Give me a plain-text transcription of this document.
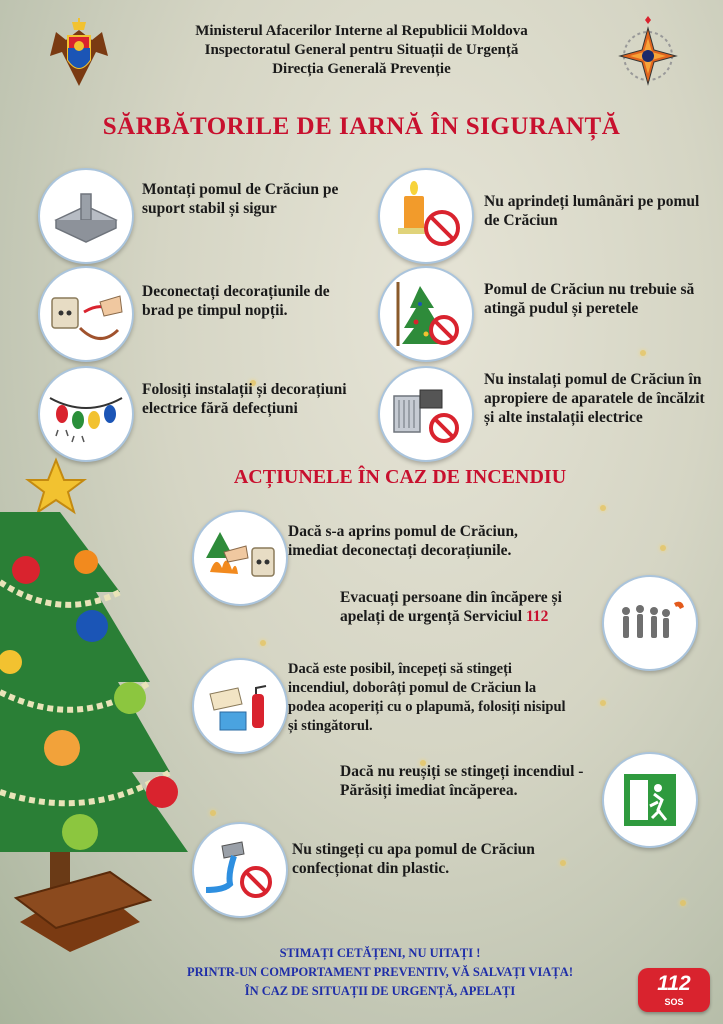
Ministerul Afacerilor Interne al Republicii Moldova
Inspectoratul General pentru Situații de Urgență
Direcția Generală Prevenție
SĂRBĂTORILE DE IARNĂ ÎN SIGURANȚĂ
Montați pomul de Crăciun pe suport stabil și sigur
Deconectați decorațiunile de brad pe timpul nopții.
Folosiți instalații și decorațiuni electrice fără defecțiuni
Nu aprindeți lumânări pe pomul de Crăciun
Pomul de Crăciun nu trebuie să atingă pudul și peretele
Nu instalați pomul de Crăciun în apropiere de aparatele de încălzit și alte instalații electrice
ACȚIUNELE ÎN CAZ DE INCENDIU
Dacă s-a aprins pomul de Crăciun, imediat deconectați decorațiunile.
Evacuați persoane din încăpere și apelați de urgență Serviciul 112
Dacă este posibil, începeți să stingeți incendiul, doborâți pomul de Crăciun la podea acoperiți cu o plapumă, folosiți nisipul și stingătorul.
Dacă nu reușiți se stingeți incendiul -Părăsiți imediat încăperea.
Nu stingeți cu apa pomul de Crăciun confecționat din plastic.
STIMAȚI CETĂȚENI, NU UITAȚI !
PRINTR-UN COMPORTAMENT PREVENTIV, VĂ SALVAȚI VIAȚA!
ÎN CAZ DE SITUAȚII DE URGENȚĂ, APELAȚI	112
SOS
